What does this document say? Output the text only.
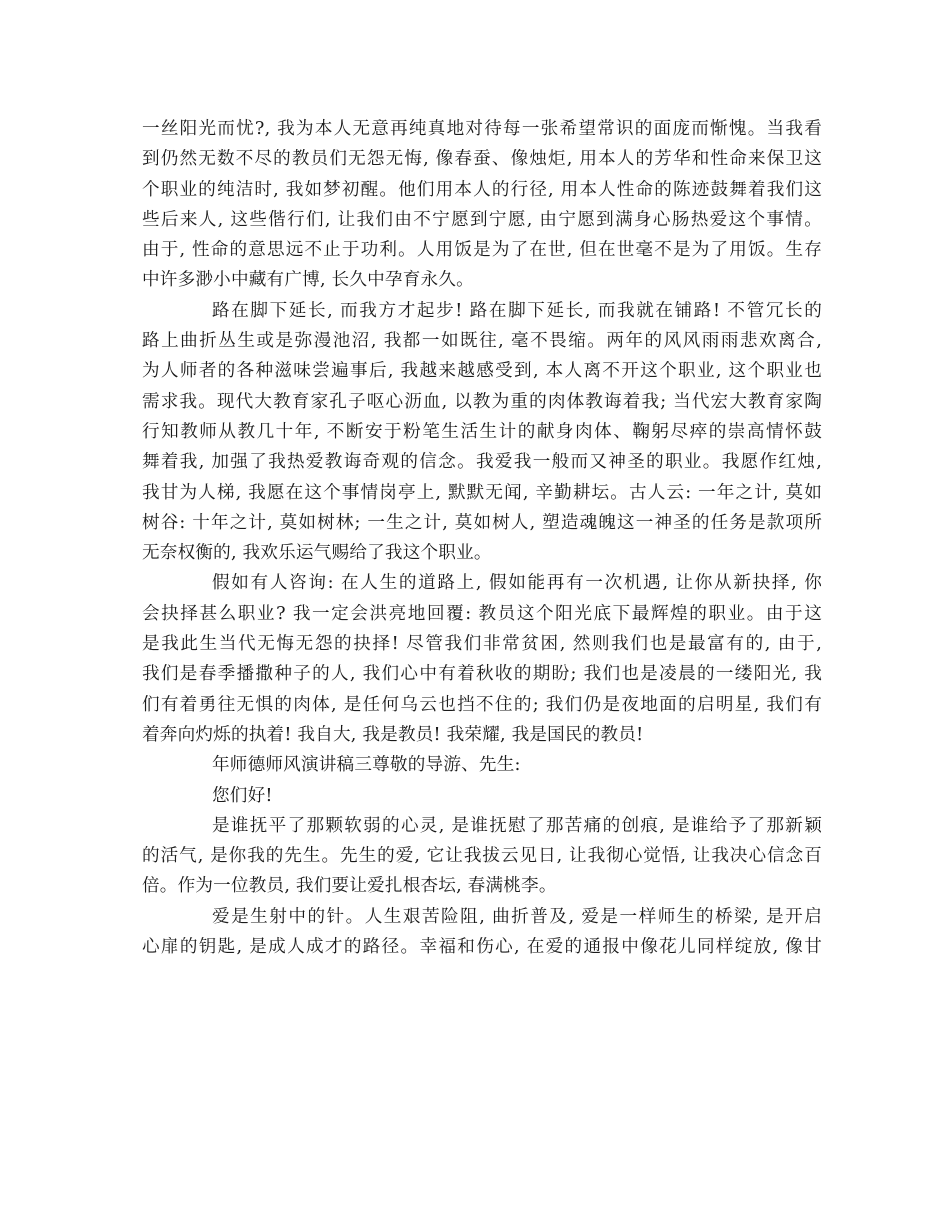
一丝阳光而忧?, 我为本人无意再纯真地对待每一张希望常识的面庞而惭愧。当我看
到仍然无数不尽的教员们无怨无悔, 像春蚕、像烛炬, 用本人的芳华和性命来保卫这
个职业的纯洁时, 我如梦初醒。他们用本人的行径, 用本人性命的陈迹鼓舞着我们这
些后来人, 这些偕行们, 让我们由不宁愿到宁愿, 由宁愿到满身心肠热爱这个事情。
由于, 性命的意思远不止于功利。人用饭是为了在世, 但在世毫不是为了用饭。生存
中许多渺小中藏有广博, 长久中孕育永久。
路在脚下延长, 而我方才起步! 路在脚下延长, 而我就在铺路! 不管冗长的
路上曲折丛生或是弥漫池沼, 我都一如既往, 毫不畏缩。两年的风风雨雨悲欢离合,
为人师者的各种滋味尝遍事后, 我越来越感受到, 本人离不开这个职业, 这个职业也
需求我。现代大教育家孔子呕心沥血, 以教为重的肉体教诲着我; 当代宏大教育家陶
行知教师从教几十年, 不断安于粉笔生活生计的献身肉体、鞠躬尽瘁的崇高情怀鼓
舞着我, 加强了我热爱教诲奇观的信念。我爱我一般而又神圣的职业。我愿作红烛,
我甘为人梯, 我愿在这个事情岗亭上, 默默无闻, 辛勤耕坛。古人云: 一年之计, 莫如
树谷: 十年之计, 莫如树林; 一生之计, 莫如树人, 塑造魂魄这一神圣的任务是款项所
无奈权衡的, 我欢乐运气赐给了我这个职业。
假如有人咨询: 在人生的道路上, 假如能再有一次机遇, 让你从新抉择, 你
会抉择甚么职业? 我一定会洪亮地回覆: 教员这个阳光底下最辉煌的职业。由于这
是我此生当代无悔无怨的抉择! 尽管我们非常贫困, 然则我们也是最富有的, 由于,
我们是春季播撒种子的人, 我们心中有着秋收的期盼; 我们也是凌晨的一缕阳光, 我
们有着勇往无惧的肉体, 是任何乌云也挡不住的; 我们仍是夜地面的启明星, 我们有
着奔向灼烁的执着! 我自大, 我是教员! 我荣耀, 我是国民的教员!
年师德师风演讲稿三尊敬的导游、先生:
您们好!
是谁抚平了那颗软弱的心灵, 是谁抚慰了那苦痛的创痕, 是谁给予了那新颖
的活气, 是你我的先生。先生的爱, 它让我拔云见日, 让我彻心觉悟, 让我决心信念百
倍。作为一位教员, 我们要让爱扎根杏坛, 春满桃李。
爱是生射中的针。人生艰苦险阻, 曲折普及, 爱是一样师生的桥梁, 是开启
心扉的钥匙, 是成人成才的路径。幸福和伤心, 在爱的通报中像花儿同样绽放, 像甘
